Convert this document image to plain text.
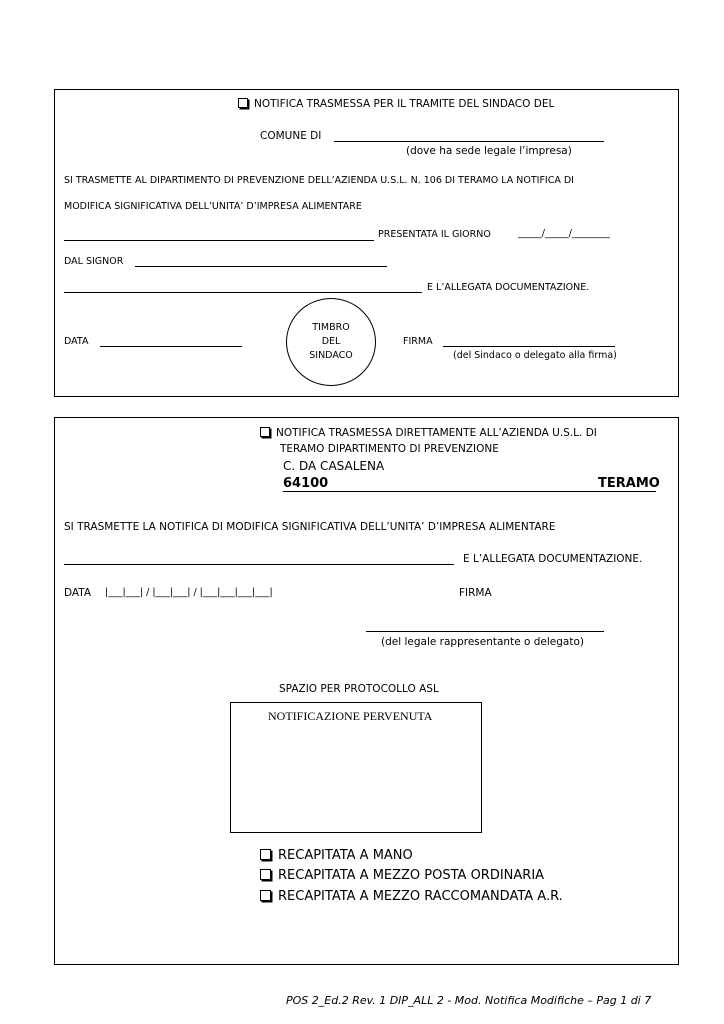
NOTIFICA TRASMESSA PER IL TRAMITE DEL SINDACO DEL
COMUNE DI
(dove ha sede legale l’impresa)
SI TRASMETTE AL DIPARTIMENTO DI PREVENZIONE DELL’AZIENDA U.S.L. N. 106 DI TERAMO LA NOTIFICA DI
MODIFICA SIGNIFICATIVA DELL’UNITA’ D’IMPRESA ALIMENTARE
PRESENTATA IL GIORNO	_____/_____/________
DAL SIGNOR
E L’ALLEGATA DOCUMENTAZIONE.
DATA
TIMBRO
DEL
SINDACO
FIRMA
(del Sindaco o delegato alla firma)
NOTIFICA TRASMESSA DIRETTAMENTE ALL’AZIENDA U.S.L. DI
TERAMO DIPARTIMENTO DI PREVENZIONE
C. DA CASALENA
64100	TERAMO
SI TRASMETTE LA NOTIFICA DI MODIFICA SIGNIFICATIVA DELL’UNITA’ D’IMPRESA ALIMENTARE
E L’ALLEGATA DOCUMENTAZIONE.
DATA |___|___| / |___|___| / |___|___|___|___|	FIRMA
(del legale rappresentante o delegato)
SPAZIO PER PROTOCOLLO ASL
NOTIFICAZIONE PERVENUTA
RECAPITATA A MANO
RECAPITATA A MEZZO POSTA ORDINARIA
RECAPITATA A MEZZO RACCOMANDATA A.R.
POS 2_Ed.2 Rev. 1 DIP_ALL 2 - Mod. Notifica Modifiche – Pag 1 di 7
